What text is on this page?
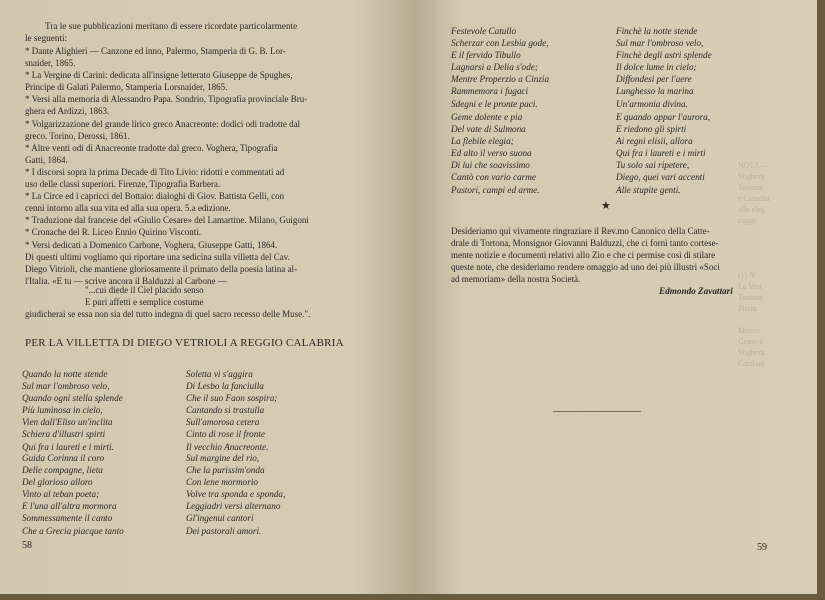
Tra le sue pubblicazioni meritano di essere ricordate particolarmente
le seguenti:
* Dante Alighieri — Canzone ed inno, Palermo, Stamperia di G. B. Lor-
snaider, 1865.
* La Vergine di Carini: dedicata all'insigne letterato Giuseppe de Spughes,
Principe di Galati Palermo, Stamperia Lorsnaider, 1865.
* Versi alla memoria di Alessandro Papa. Sondrio, Tipografia provinciale Bru-
ghera ed Ardizzi, 1863.
* Volgarizzazione del grande lirico greco Anacreonte: dodici odi tradotte dal
greco. Torino, Derossi, 1861.
* Altre venti odi di Anacreonte tradotte dal greco. Voghera, Tipografia
Gatti, 1864.
* I discorsi sopra la prima Decade di Tito Livio: ridotti e commentati ad
uso delle classi superiori. Firenze, Tipografia Barbera.
* La Circe ed i capricci del Bottaio: dialoghi di Giov. Battista Gelli, con
cenni intorno alla sua vita ed alla sua opera. 5.a edizione.
* Traduzione dal francese del «Giulio Cesare» del Lamartine. Milano, Guigoni
* Cronache del R. Liceo Ennio Quirino Visconti.
* Versi dedicati a Domenico Carbone, Voghera, Giuseppe Gatti, 1864.
Di questi ultimi vogliamo qui riportare una sedicina sulla villetta del Cav.
Diego Vitrioli, che mantiene gloriosamente il primato della poesia latina al-
l'Italia. «E tu — scrive ancora il Balduzzi al Carbone —
"...cui diede il Ciel placido senso
E puri affetti e semplice costume
giudicherai se essa non sia del tutto indegna di quel sacro recesso delle Muse.".
PER LA VILLETTA DI DIEGO VETRIOLI A REGGIO CALABRIA
Quando la notte stende
Sul mar l'ombroso velo,
Quando ogni stella splende
Più luminosa in cielo,
Vien dall'Eliso un'inclita
Schiera d'illustri spirti
Qui fra i laureti e i mirti.
Soletta vi s'aggira
Di Lesbo la fanciulla
Che il suo Faon sospira;
Cantando si trastulla
Sull'amorosa cetera
Cinto di rose il fronte
Il vecchio Anacreonte.
Guida Corinna il coro
Delle compagne, lieta
Del glorioso alloro
Vinto al teban poeta;
E l'una all'altra mormora
Sommessamente il canto
Che a Grecia piacque tanto
Sul margine del rio,
Che la purissim'onda
Con lene mormorio
Volve tra sponda e sponda,
Leggiadri versi alternano
Gl'ingenui cantori
Dei pastorali amori.
58
NOTA —
Voghera
Tortona
e Cittadin
alle eleg
s'aggi
(1) N
La Vest
Tortona
Pietra

Museo
Genova
Voghera
Catalani
Festevole Catullo
Scherzar con Lesbia gode,
E il fervido Tibullo
Lagnarsi a Delia s'ode;
Mentre Properzio a Cinzia
Rammemora i fugaci
Sdegni e le pronte paci.
Finchè la notte stende
Sul mar l'ombroso velo,
Finchè degli astri splende
Il dolce lume in cielo;
Diffondesi per l'aere
Lunghesso la marina
Un'armonia divina.
Geme dolente e pia
Del vate di Sulmona
La flebile elegia;
Ed alto il verso suona
Di lui che soavissimo
Cantò con vario carme
Pastori, campi ed arme.
E quando appar l'aurora,
E riedono gli spirti
Ai regni elisii, allora
Qui fra i laureti e i mirti
Tu solo sai ripetere,
Diego, quei vari accenti
Alle stupite genti.
★
Desideriamo qui vivamente ringraziare il Rev.mo Canonico della Catte-
drale di Tortona, Monsignor Giovanni Balduzzi, che ci fornì tanto cortese-
mente notizie e documenti relativi allo Zio e che ci permise così di stilare
queste note, che desideriamo rendere omaggio ad uno dei più illustri «Soci
ad memoriam» della nostra Società.
Edmondo Zavattari
59
